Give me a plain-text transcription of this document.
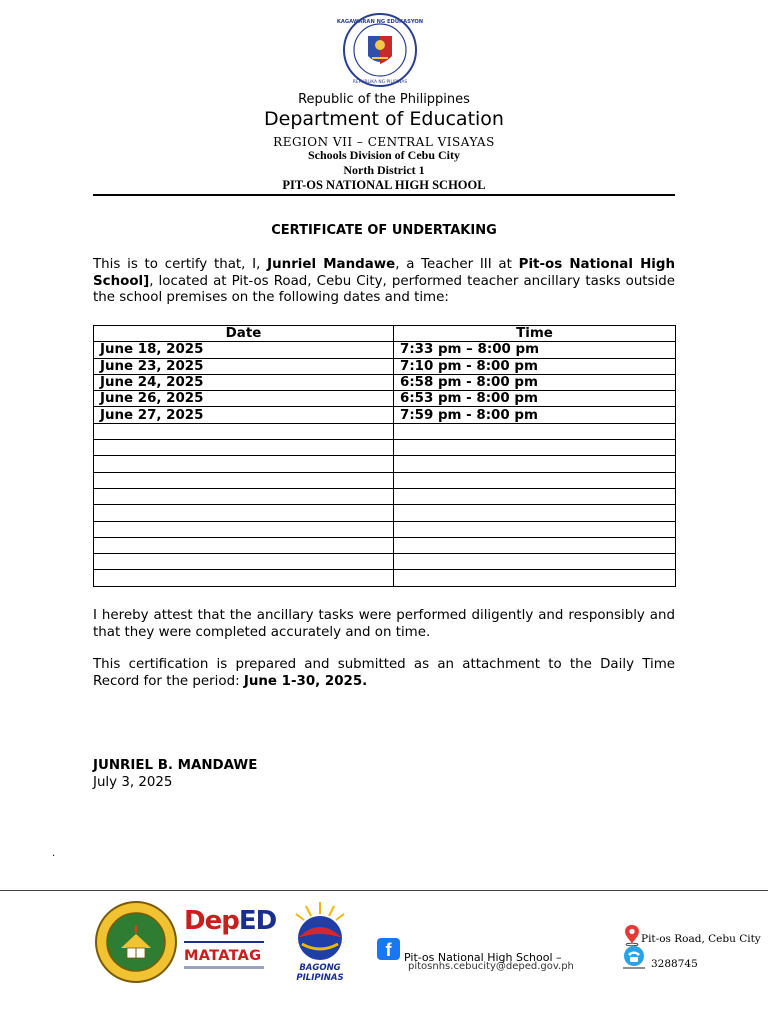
KAGAWARAN NG EDUKASYON
REPUBLIKA NG PILIPINAS
Republic of the Philippines
Department of Education
REGION VII – CENTRAL VISAYAS
Schools Division of Cebu City
North District 1
PIT-OS NATIONAL HIGH SCHOOL
CERTIFICATE OF UNDERTAKING
This is to certify that, I, Junriel Mandawe, a Teacher III at Pit-os National High School], located at Pit-os Road, Cebu City, performed teacher ancillary tasks outside the school premises on the following dates and time:
Date	Time
June 18, 2025	7:33 pm – 8:00 pm
June 23, 2025	7:10 pm - 8:00 pm
June 24, 2025	6:58 pm - 8:00 pm
June 26, 2025	6:53 pm - 8:00 pm
June 27, 2025	7:59 pm - 8:00 pm

I hereby attest that the ancillary tasks were performed diligently and responsibly and that they were completed accurately and on time.
This certification is prepared and submitted as an attachment to the Daily Time Record for the period: June 1-30, 2025.
JUNRIEL B. MANDAWE
July 3, 2025
.
DepED
MATATAG
BAGONG PILIPINAS
f	Pit-os National High School –
pitosnhs.cebucity@deped.gov.ph
Pit-os Road, Cebu City
3288745
